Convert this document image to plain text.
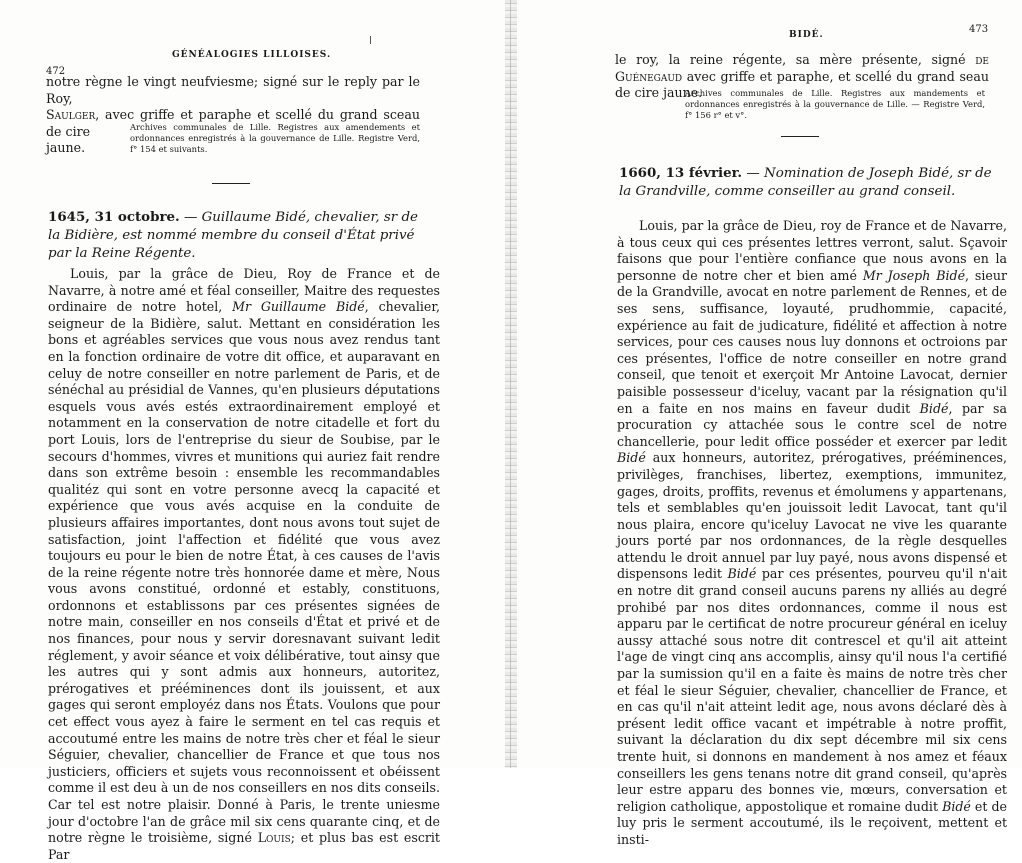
472
GÉNÉALOGIES LILLOISES.

notre règne le vingt neufviesme; signé sur le reply par le Roy,

Saulger, avec griffe et paraphe et scellé du grand sceau de cire

jaune.

Archives communales de Lille. Registres aux amendements et ordonnances enregistrés à la gouvernance de Lille. Registre Verd, f° 154 et suivants.
1645, 31 octobre. — Guillaume Bidé, chevalier, sr de la Bidière, est nommé membre du conseil d'État privé par la Reine Régente.

Louis, par la grâce de Dieu, Roy de France et de Navarre, à notre amé et féal conseiller, Maitre des requestes ordinaire de notre hotel, Mr Guillaume Bidé, chevalier, seigneur de la Bidière, salut. Mettant en considération les bons et agréables services que vous nous avez rendus tant en la fonction ordinaire de votre dit office, et auparavant en celuy de notre conseiller en notre parlement de Paris, et de sénéchal au présidial de Vannes, qu'en plusieurs députations esquels vous avés estés extraordinairement employé et notamment en la conservation de notre citadelle et fort du port Louis, lors de l'entreprise du sieur de Soubise, par le secours d'hommes, vivres et munitions qui auriez fait rendre dans son extrême besoin : ensemble les recommandables qualitéz qui sont en votre personne avecq la capacité et expérience que vous avés acquise en la conduite de plusieurs affaires importantes, dont nous avons tout sujet de satisfaction, joint l'affection et fidélité que vous avez toujours eu pour le bien de notre État, à ces causes de l'avis de la reine régente notre très honnorée dame et mère, Nous vous avons constitué, ordonné et estably, constituons, ordonnons et establissons par ces présentes signées de notre main, conseiller en nos conseils d'État et privé et de nos finances, pour nous y servir doresnavant suivant ledit réglement, y avoir séance et voix délibérative, tout ainsy que les autres qui y sont admis aux honneurs, autoritez, prérogatives et prééminences dont ils jouissent, et aux gages qui seront employéz dans nos États. Voulons que pour cet effect vous ayez à faire le serment en tel cas requis et accoutumé entre les mains de notre très cher et féal le sieur Séguier, chevalier, chancellier de France et que tous nos justiciers, officiers et sujets vous reconnoissent et obéissent comme il est deu à un de nos conseillers en nos dits conseils. Car tel est notre plaisir. Donné à Paris, le trente uniesme jour d'octobre l'an de grâce mil six cens quarante cinq, et de notre règne le troisième, signé Louis; et plus bas est escrit Par

BIDÉ.	473

le roy, la reine régente, sa mère présente, signé de Guénegaud avec griffe et paraphe, et scellé du grand seau de cire jaune.

Archives communales de Lille. Registres aux mandements et ordonnances enregistrés à la gouvernance de Lille. — Registre Verd, f° 156 r° et v°.
1660, 13 février. — Nomination de Joseph Bidé, sr de la Grandville, comme conseiller au grand conseil.

Louis, par la grâce de Dieu, roy de France et de Navarre, à tous ceux qui ces présentes lettres verront, salut. Sçavoir faisons que pour l'entière confiance que nous avons en la personne de notre cher et bien amé Mr Joseph Bidé, sieur de la Grandville, avocat en notre parlement de Rennes, et de ses sens, suffisance, loyauté, prudhommie, capacité, expérience au fait de judicature, fidélité et affection à notre services, pour ces causes nous luy donnons et octroions par ces présentes, l'office de notre conseiller en notre grand conseil, que tenoit et exerçoit Mr Antoine Lavocat, dernier paisible possesseur d'iceluy, vacant par la résignation qu'il en a faite en nos mains en faveur dudit Bidé, par sa procuration cy attachée sous le contre scel de notre chancellerie, pour ledit office posséder et exercer par ledit Bidé aux honneurs, autoritez, prérogatives, prééminences, privilèges, franchises, libertez, exemptions, immunitez, gages, droits, proffits, revenus et émolumens y appartenans, tels et semblables qu'en jouissoit ledit Lavocat, tant qu'il nous plaira, encore qu'iceluy Lavocat ne vive les quarante jours porté par nos ordonnances, de la règle desquelles attendu le droit annuel par luy payé, nous avons dispensé et dispensons ledit Bidé par ces présentes, pourveu qu'il n'ait en notre dit grand conseil aucuns parens ny alliés au degré prohibé par nos dites ordonnances, comme il nous est apparu par le certificat de notre procureur général en iceluy aussy attaché sous notre dit contrescel et qu'il ait atteint l'age de vingt cinq ans accomplis, ainsy qu'il nous l'a certifié par la sumission qu'il en a faite ès mains de notre très cher et féal le sieur Séguier, chevalier, chancellier de France, et en cas qu'il n'ait atteint ledit age, nous avons déclaré dès à présent ledit office vacant et impétrable à notre proffit, suivant la déclaration du dix sept décembre mil six cens trente huit, si donnons en mandement à nos amez et féaux conseillers les gens tenans notre dit grand conseil, qu'après leur estre apparu des bonnes vie, mœurs, conversation et religion catholique, appostolique et romaine dudit Bidé et de luy pris le serment accoutumé, ils le reçoivent, mettent et insti-
